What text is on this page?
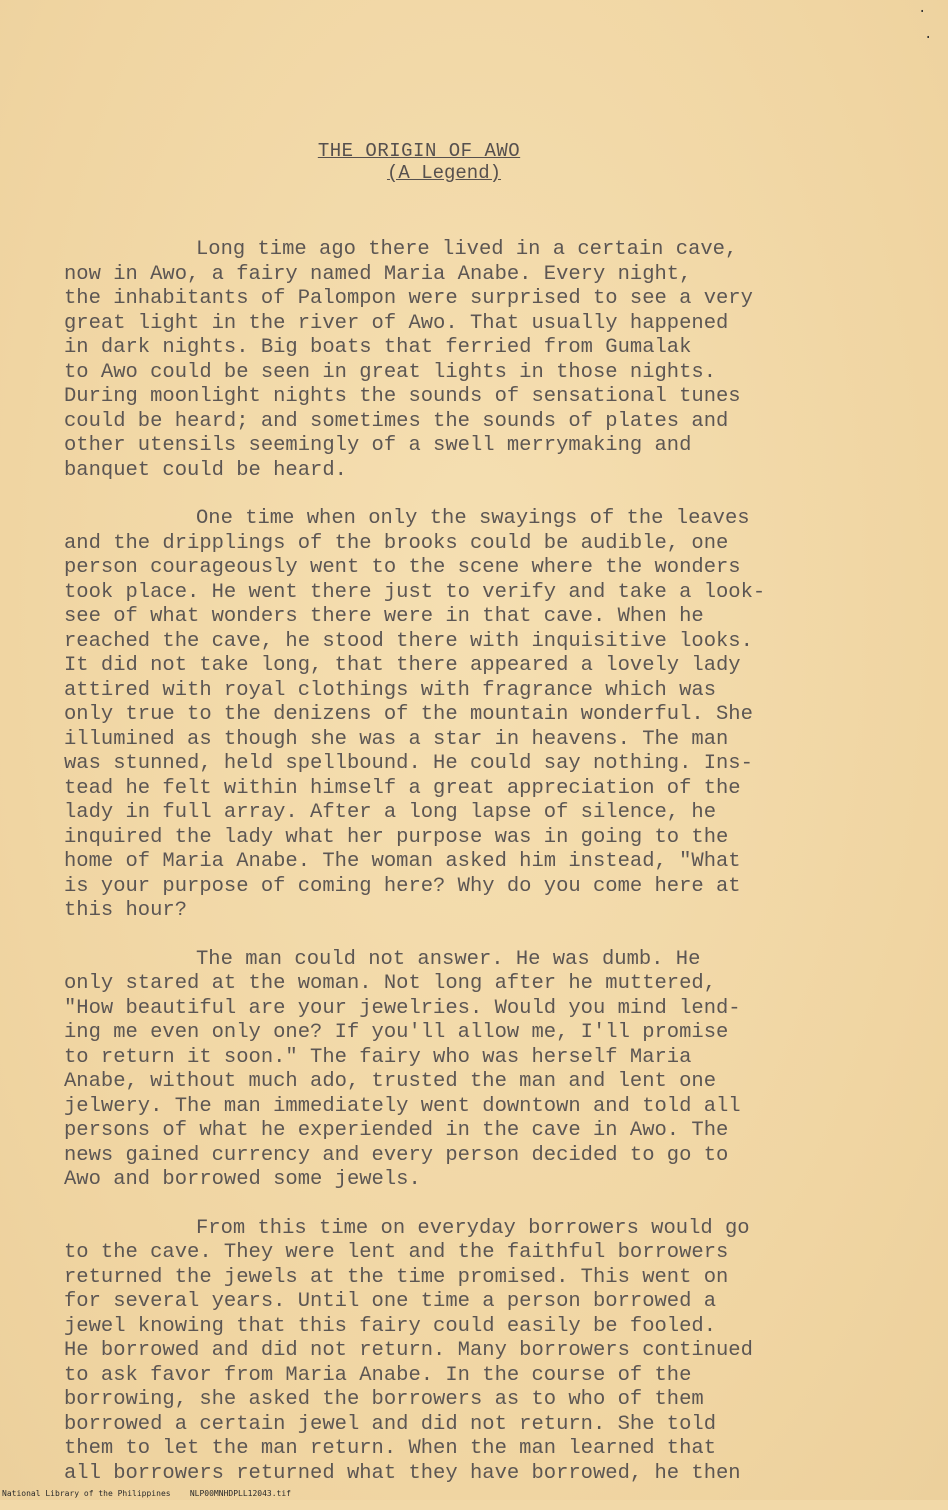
·
·
THE ORIGIN OF AWO
(A Legend)
Long time ago there lived in a certain cave,
now in Awo, a fairy named Maria Anabe. Every night,
the inhabitants of Palompon were surprised to see a very
great light in the river of Awo. That usually happened
in dark nights. Big boats that ferried from Gumalak
to Awo could be seen in great lights in those nights.
During moonlight nights the sounds of sensational tunes
could be heard; and sometimes the sounds of plates and
other utensils seemingly of a swell merrymaking and
banquet could be heard.
One time when only the swayings of the leaves
and the dripplings of the brooks could be audible, one
person courageously went to the scene where the wonders
took place. He went there just to verify and take a look-
see of what wonders there were in that cave. When he
reached the cave, he stood there with inquisitive looks.
It did not take long, that there appeared a lovely lady
attired with royal clothings with fragrance which was
only true to the denizens of the mountain wonderful. She
illumined as though she was a star in heavens. The man
was stunned, held spellbound. He could say nothing. Ins-
tead he felt within himself a great appreciation of the
lady in full array. After a long lapse of silence, he
inquired the lady what her purpose was in going to the
home of Maria Anabe. The woman asked him instead, "What
is your purpose of coming here? Why do you come here at
this hour?
The man could not answer. He was dumb. He
only stared at the woman. Not long after he muttered,
"How beautiful are your jewelries. Would you mind lend-
ing me even only one? If you'll allow me, I'll promise
to return it soon." The fairy who was herself Maria
Anabe, without much ado, trusted the man and lent one
jelwery. The man immediately went downtown and told all
persons of what he experiended in the cave in Awo. The
news gained currency and every person decided to go to
Awo and borrowed some jewels.
From this time on everyday borrowers would go
to the cave. They were lent and the faithful borrowers
returned the jewels at the time promised. This went on
for several years. Until one time a person borrowed a
jewel knowing that this fairy could easily be fooled.
He borrowed and did not return. Many borrowers continued
to ask favor from Maria Anabe. In the course of the
borrowing, she asked the borrowers as to who of them
borrowed a certain jewel and did not return. She told
them to let the man return. When the man learned that
all borrowers returned what they have borrowed, he then
National Library of the Philippines NLP00MNHDPLL12043.tif
